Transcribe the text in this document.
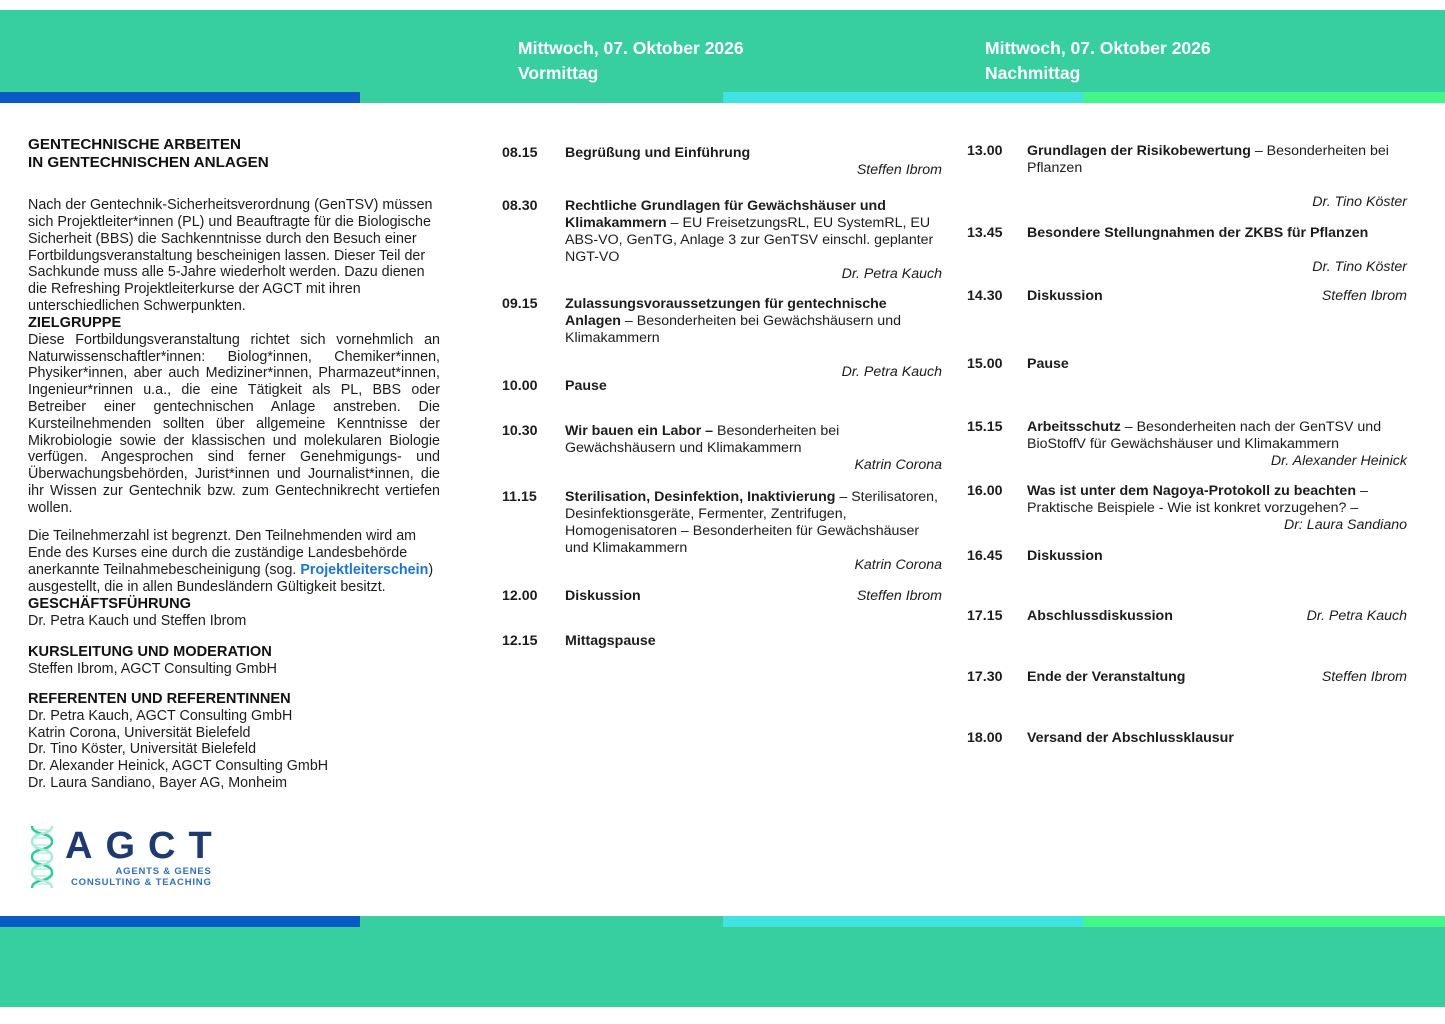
Mittwoch, 07. Oktober 2026
Vormittag
Mittwoch, 07. Oktober 2026
Nachmittag
GENTECHNISCHE ARBEITEN
IN GENTECHNISCHEN ANLAGEN

Nach der Gentechnik-Sicherheitsverordnung (GenTSV) müssen sich Projektleiter*innen (PL) und Beauftragte für die Biologische Sicherheit (BBS) die Sachkenntnisse durch den Besuch einer Fortbildungsveranstaltung bescheinigen lassen. Dieser Teil der Sachkunde muss alle 5-Jahre wiederholt werden. Dazu dienen die Refreshing Projektleiterkurse der AGCT mit ihren unterschiedlichen Schwerpunkten.

ZIELGRUPPE

Diese Fortbildungsveranstaltung richtet sich vornehmlich an Naturwissenschaftler*innen: Biolog*innen, Chemiker*innen, Physiker*innen, aber auch Mediziner*innen, Pharmazeut*innen, Ingenieur*rinnen u.a., die eine Tätigkeit als PL, BBS oder Betreiber einer gentechnischen Anlage anstreben. Die Kursteilnehmenden sollten über allgemeine Kenntnisse der Mikrobiologie sowie der klassischen und molekularen Biologie verfügen. Angesprochen sind ferner Genehmigungs- und Überwachungsbehörden, Jurist*innen und Journalist*innen, die ihr Wissen zur Gentechnik bzw. zum Gentechnikrecht vertiefen wollen.

Die Teilnehmerzahl ist begrenzt. Den Teilnehmenden wird am Ende des Kurses eine durch die zuständige Landesbehörde anerkannte Teilnahmebescheinigung (sog. Projektleiterschein) ausgestellt, die in allen Bundesländern Gültigkeit besitzt.

GESCHÄFTSFÜHRUNG
Dr. Petra Kauch und Steffen Ibrom
KURSLEITUNG UND MODERATION
Steffen Ibrom, AGCT Consulting GmbH
REFERENTEN UND REFERENTINNEN
Dr. Petra Kauch, AGCT Consulting GmbH
Katrin Corona, Universität Bielefeld
Dr. Tino Köster, Universität Bielefeld
Dr. Alexander Heinick, AGCT Consulting GmbH
Dr. Laura Sandiano, Bayer AG, Monheim
AGCT
AGENTS & GENES
CONSULTING & TEACHING
08.15 Begrüßung und Einführung
Steffen Ibrom
08.30 Rechtliche Grundlagen für Gewächshäuser und Klimakammern – EU FreisetzungsRL, EU SystemRL, EU ABS-VO, GenTG, Anlage 3 zur GenTSV einschl. geplanter NGT-VO
Dr. Petra Kauch
09.15 Zulassungsvoraussetzungen für gentechnische Anlagen – Besonderheiten bei Gewächshäusern und Klimakammern
Dr. Petra Kauch
10.00 Pause
10.30 Wir bauen ein Labor – Besonderheiten bei Gewächshäusern und Klimakammern
Katrin Corona
11.15 Sterilisation, Desinfektion, Inaktivierung – Sterilisatoren, Desinfektionsgeräte, Fermenter, Zentrifugen, Homogenisatoren – Besonderheiten für Gewächshäuser und Klimakammern
Katrin Corona
12.00 Diskussion	Steffen Ibrom
12.15 Mittagspause
13.00 Grundlagen der Risikobewertung – Besonderheiten bei Pflanzen
Dr. Tino Köster
13.45 Besondere Stellungnahmen der ZKBS für Pflanzen
Dr. Tino Köster
14.30 Diskussion	Steffen Ibrom
15.00 Pause
15.15 Arbeitsschutz – Besonderheiten nach der GenTSV und BioStoffV für Gewächshäuser und Klimakammern
Dr. Alexander Heinick
16.00 Was ist unter dem Nagoya-Protokoll zu beachten – Praktische Beispiele - Wie ist konkret vorzugehen? –
Dr: Laura Sandiano
16.45 Diskussion
17.15 Abschlussdiskussion	Dr. Petra Kauch
17.30 Ende der Veranstaltung	Steffen Ibrom
18.00 Versand der Abschlussklausur
